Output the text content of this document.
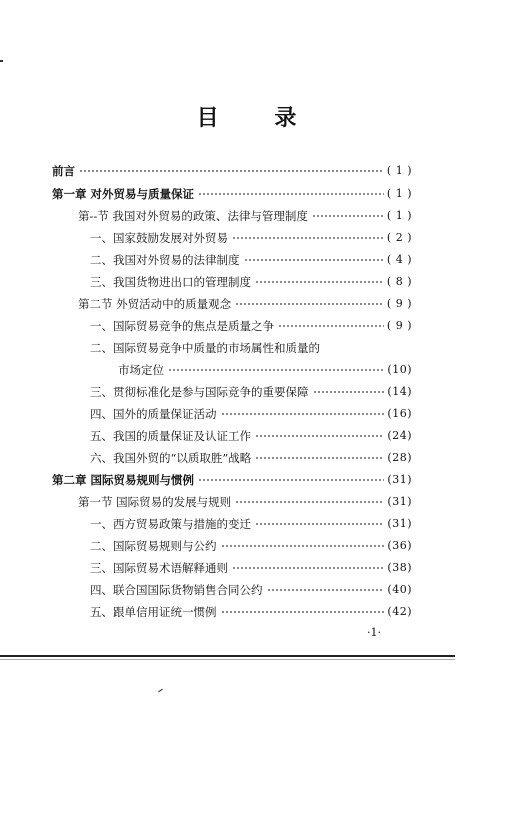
目 录
前言	( 1 )
第一章 对外贸易与质量保证	( 1 )
第--节 我国对外贸易的政策、法律与管理制度	( 1 )
一、国家鼓励发展对外贸易	( 2 )
二、我国对外贸易的法律制度	( 4 )
三、我国货物进出口的管理制度	( 8 )
第二节 外贸活动中的质量观念	( 9 )
一、国际贸易竞争的焦点是质量之争	( 9 )
二、国际贸易竞争中质量的市场属性和质量的
市场定位	(10)
三、贯彻标准化是参与国际竞争的重要保障	(14)
四、国外的质量保证活动	(16)
五、我国的质量保证及认证工作	(24)
六、我国外贸的“以质取胜”战略	(28)
第二章 国际贸易规则与惯例	(31)
第一节 国际贸易的发展与规则	(31)
一、西方贸易政策与措施的变迁	(31)
二、国际贸易规则与公约	(36)
三、国际贸易术语解释通则	(38)
四、联合国国际货物销售合同公约	(40)
五、跟单信用证统一惯例	(42)
·1·
